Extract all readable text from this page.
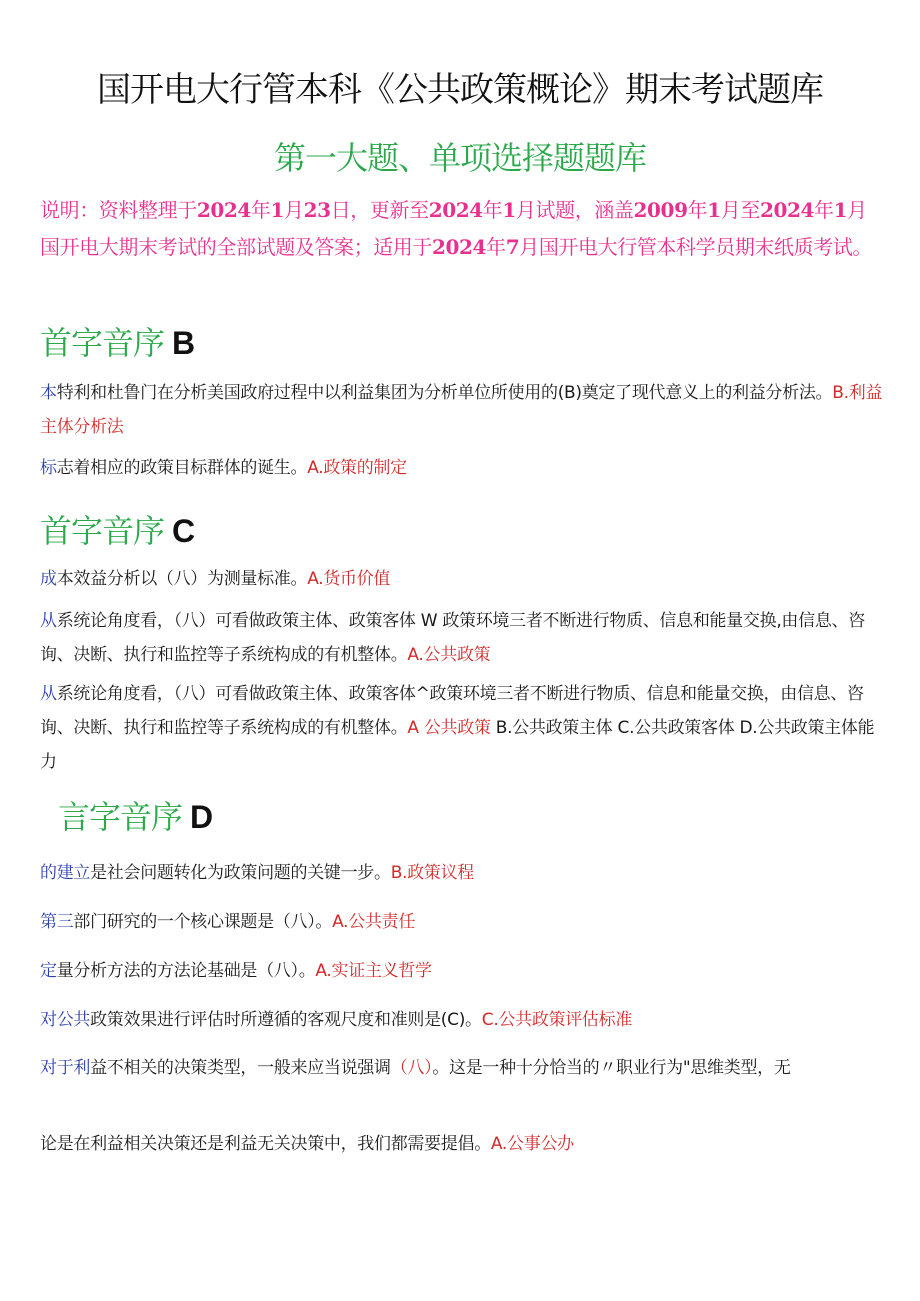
国开电大行管本科《公共政策概论》期末考试题库
第一大题、单项选择题题库
说明：资料整理于2024年1月23日，更新至2024年1月试题，涵盖2009年1月至2024年1月国开电大期末考试的全部试题及答案；适用于2024年7月国开电大行管本科学员期末纸质考试。
首字音序 B
本特利和杜鲁门在分析美国政府过程中以利益集团为分析单位所使用的(B)奠定了现代意义上的利益分析法。B.利益主体分析法
标志着相应的政策目标群体的诞生。A.政策的制定
首字音序 C
成本效益分析以（八）为测量标准。A.货币价值
从系统论角度看，（八）可看做政策主体、政策客体 W 政策环境三者不断进行物质、信息和能量交换,由信息、咨询、决断、执行和监控等子系统构成的有机整体。A.公共政策
从系统论角度看，（八）可看做政策主体、政策客体^政策环境三者不断进行物质、信息和能量交换，由信息、咨询、决断、执行和监控等子系统构成的有机整体。A 公共政策 B.公共政策主体 C.公共政策客体 D.公共政策主体能力
言字音序 D
的建立是社会问题转化为政策问题的关键一步。B.政策议程
第三部门研究的一个核心课题是（八）。A.公共责任
定量分析方法的方法论基础是（八）。A.实证主义哲学
对公共政策效果进行评估时所遵循的客观尺度和准则是(C)。C.公共政策评估标准
对于利益不相关的决策类型，一般来应当说强调（八）。这是一种十分恰当的〃职业行为"思维类型，无
论是在利益相关决策还是利益无关决策中，我们都需要提倡。A.公事公办
